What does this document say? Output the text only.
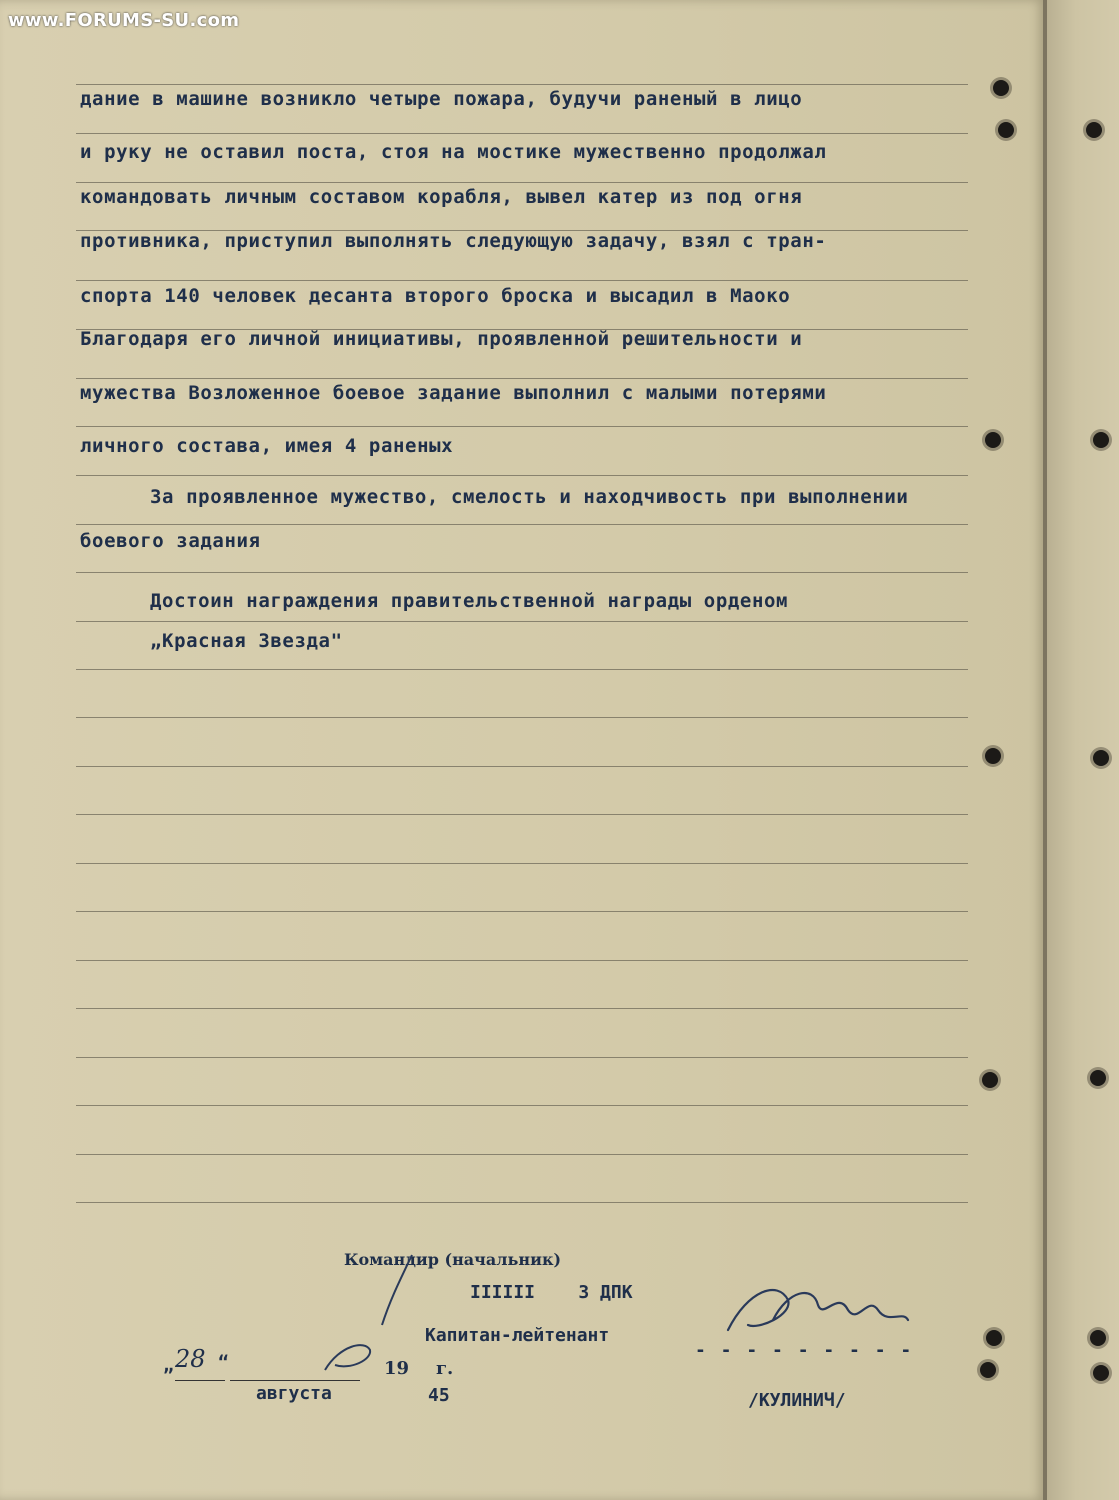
www.FORUMS-SU.com
дание в машине возникло четыре пожара, будучи раненый в лицо
и руку не оставил поста, стоя на мостике мужественно продолжал
командовать личным составом корабля, вывел катер из под огня
противника, приступил выполнять следующую задачу, взял с тран-
спорта 140 человек десанта второго броска и высадил в Маоко
Благодаря его личной инициативы, проявленной решительности и
мужества Возложенное боевое задание выполнил с малыми потерями
личного состава, имея 4 раненых
За проявленное мужество, смелость и находчивость при выполнении
боевого задания
Достоин награждения правительственной награды орденом
„Красная Звезда"
Командир (начальник)
IIIIII    3 ДПК
Капитан-лейтенант
- - - - - - - - -
„ 28 “	19 г.
августа	45	/КУЛИНИЧ/
